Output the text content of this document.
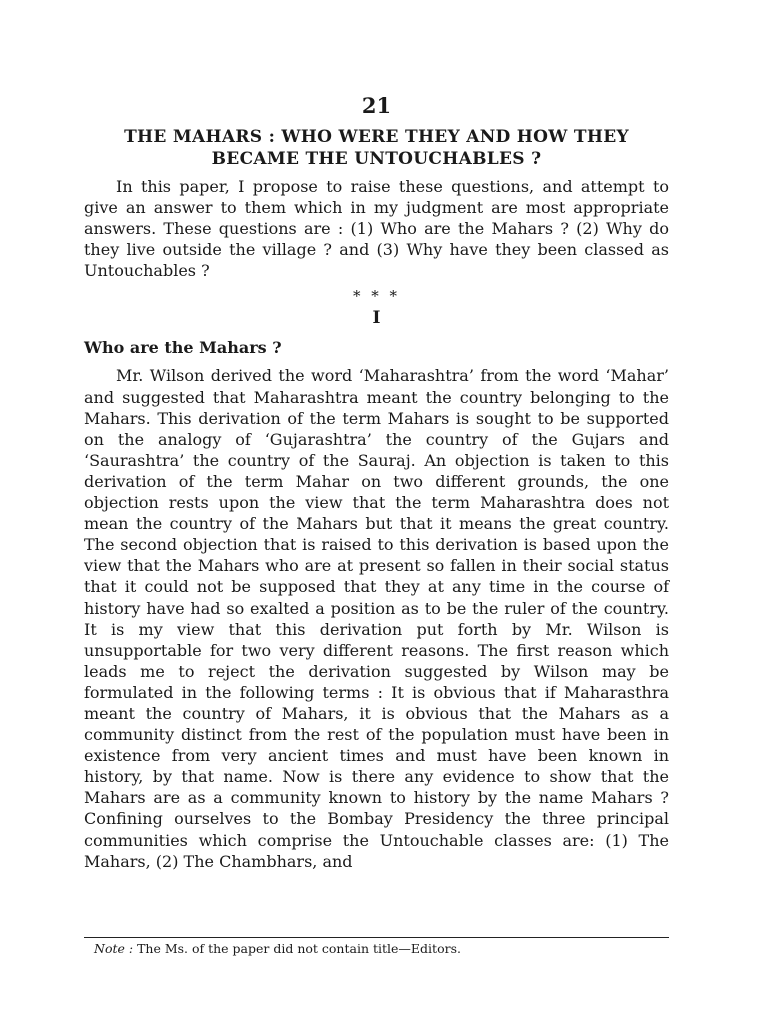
21
THE MAHARS : WHO WERE THEY AND HOW THEY BECAME THE UNTOUCHABLES ?

In this paper, I propose to raise these questions, and attempt to give an answer to them which in my judgment are most appropriate answers. These questions are : (1) Who are the Mahars ? (2) Why do they live outside the village ? and (3) Why have they been classed as Untouchables ?

* * *
I
Who are the Mahars ?

Mr. Wilson derived the word ‘Maharashtra’ from the word ‘Mahar’ and suggested that Maharashtra meant the country belonging to the Mahars. This derivation of the term Mahars is sought to be supported on the analogy of ‘Gujarashtra’ the country of the Gujars and ‘Saurashtra’ the country of the Sauraj. An objection is taken to this derivation of the term Mahar on two different grounds, the one objection rests upon the view that the term Maharashtra does not mean the country of the Mahars but that it means the great country. The second objection that is raised to this derivation is based upon the view that the Mahars who are at present so fallen in their social status that it could not be supposed that they at any time in the course of history have had so exalted a position as to be the ruler of the country. It is my view that this derivation put forth by Mr. Wilson is unsupportable for two very different reasons. The first reason which leads me to reject the derivation suggested by Wilson may be formulated in the following terms : It is obvious that if Maharasthra meant the country of Mahars, it is obvious that the Mahars as a community distinct from the rest of the population must have been in existence from very ancient times and must have been known in history, by that name. Now is there any evidence to show that the Mahars are as a community known to history by the name Mahars ? Confining ourselves to the Bombay Presidency the three principal communities which comprise the Untouchable classes are: (1) The Mahars, (2) The Chambhars, and

Note : The Ms. of the paper did not contain title—Editors.
